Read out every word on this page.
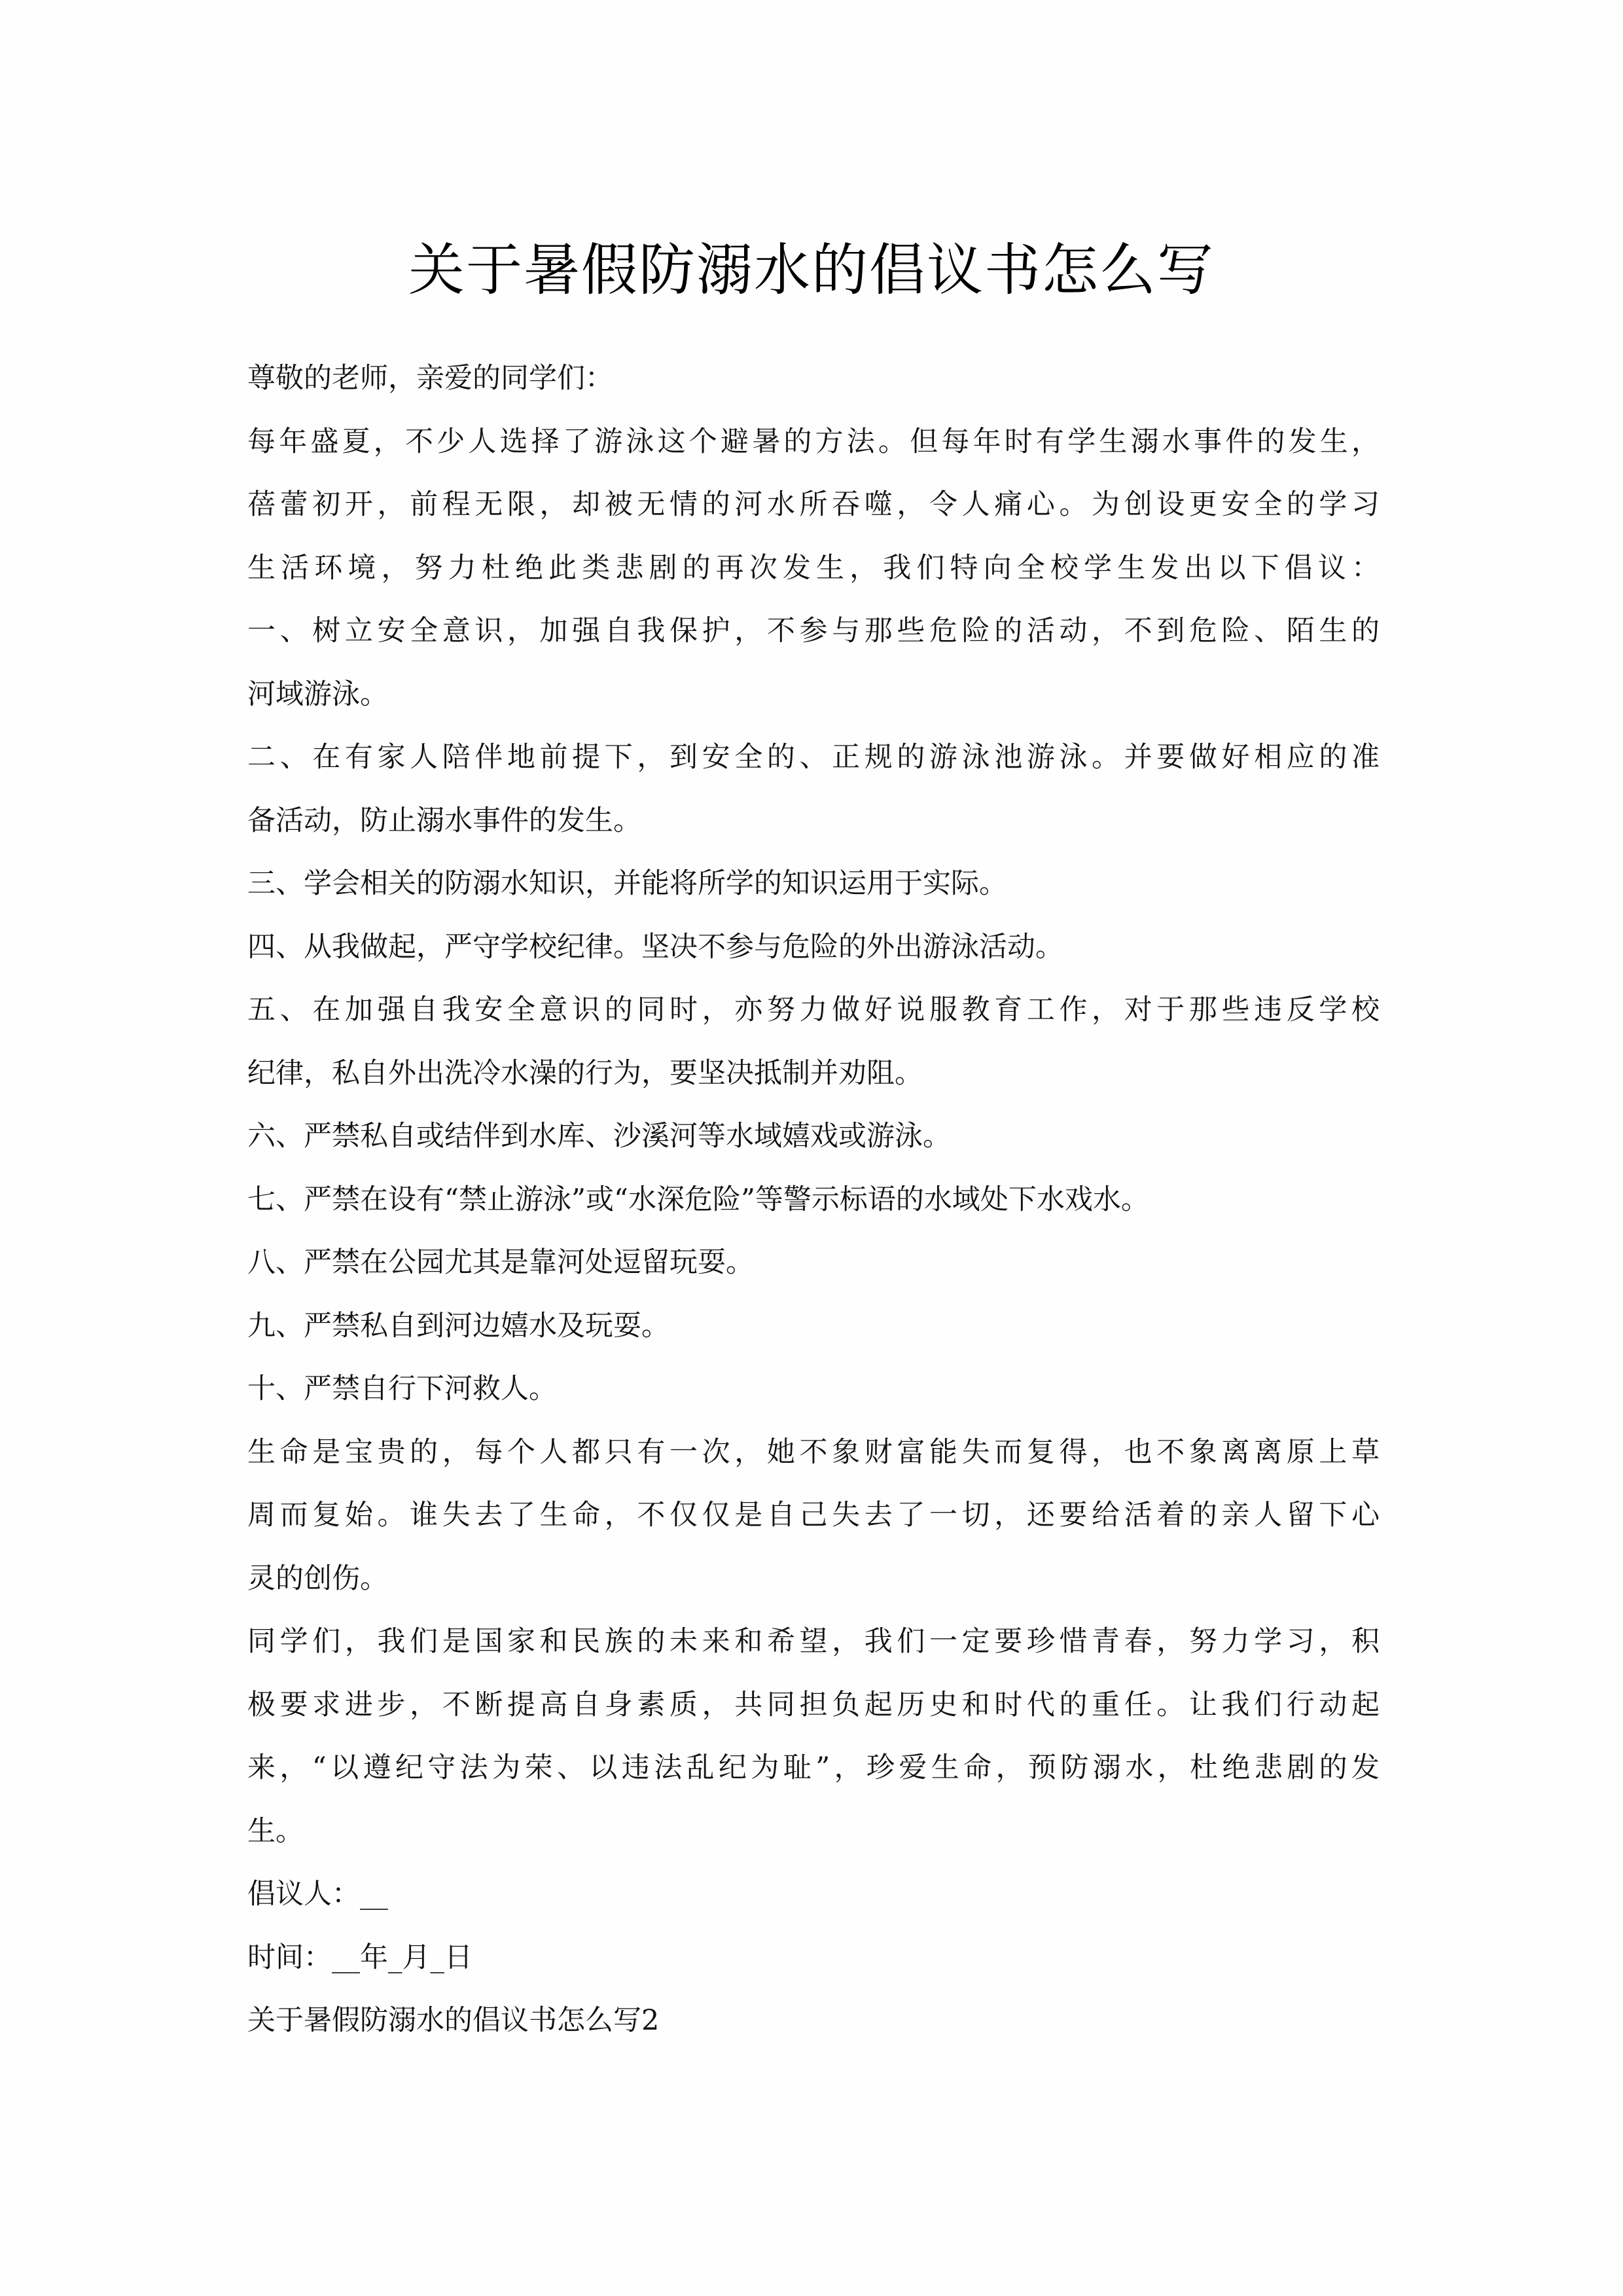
关于暑假防溺水的倡议书怎么写
尊敬的老师，亲爱的同学们：
每年盛夏，不少人选择了游泳这个避暑的方法。但每年时有学生溺水事件的发生，
蓓蕾初开，前程无限，却被无情的河水所吞噬，令人痛心。为创设更安全的学习
生活环境，努力杜绝此类悲剧的再次发生，我们特向全校学生发出以下倡议：
一、树立安全意识，加强自我保护，不参与那些危险的活动，不到危险、陌生的
河域游泳。
二、在有家人陪伴地前提下，到安全的、正规的游泳池游泳。并要做好相应的准
备活动，防止溺水事件的发生。
三、学会相关的防溺水知识，并能将所学的知识运用于实际。
四、从我做起，严守学校纪律。坚决不参与危险的外出游泳活动。
五、在加强自我安全意识的同时，亦努力做好说服教育工作，对于那些违反学校
纪律，私自外出洗冷水澡的行为，要坚决抵制并劝阻。
六、严禁私自或结伴到水库、沙溪河等水域嬉戏或游泳。
七、严禁在设有“禁止游泳”或“水深危险”等警示标语的水域处下水戏水。
八、严禁在公园尤其是靠河处逗留玩耍。
九、严禁私自到河边嬉水及玩耍。
十、严禁自行下河救人。
生命是宝贵的，每个人都只有一次，她不象财富能失而复得，也不象离离原上草
周而复始。谁失去了生命，不仅仅是自己失去了一切，还要给活着的亲人留下心
灵的创伤。
同学们，我们是国家和民族的未来和希望，我们一定要珍惜青春，努力学习，积
极要求进步，不断提高自身素质，共同担负起历史和时代的重任。让我们行动起
来，“以遵纪守法为荣、以违法乱纪为耻”，珍爱生命，预防溺水，杜绝悲剧的发
生。
倡议人：__
时间：__年_月_日
关于暑假防溺水的倡议书怎么写2
